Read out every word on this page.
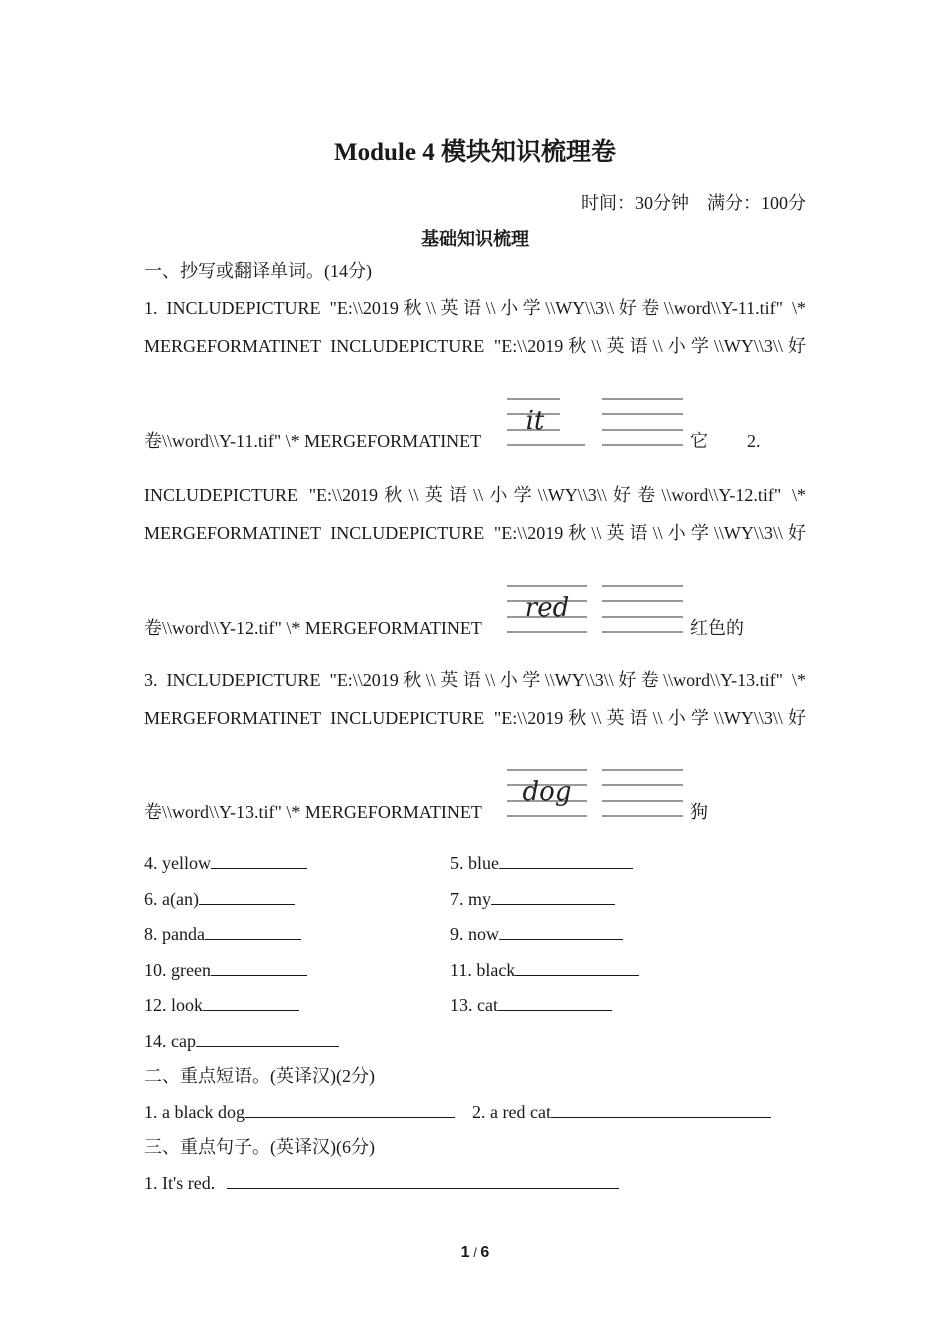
Module 4 模块知识梳理卷
时间：30分钟　满分：100分
基础知识梳理
一、抄写或翻译单词。(14分)
1. INCLUDEPICTURE "E:\\2019秋\\英语\\小学\\WY\\3\\好卷\\word\\Y-11.tif" \*
MERGEFORMATINET INCLUDEPICTURE "E:\\2019秋\\英语\\小学\\WY\\3\\好
卷\\word\\Y-11.tif" \* MERGEFORMATINET
it
它 2.
INCLUDEPICTURE "E:\\2019秋\\英语\\小学\\WY\\3\\好卷\\word\\Y-12.tif" \*
MERGEFORMATINET INCLUDEPICTURE "E:\\2019秋\\英语\\小学\\WY\\3\\好
卷\\word\\Y-12.tif" \* MERGEFORMATINET
red
红色的
3. INCLUDEPICTURE "E:\\2019秋\\英语\\小学\\WY\\3\\好卷\\word\\Y-13.tif" \*
MERGEFORMATINET INCLUDEPICTURE "E:\\2019秋\\英语\\小学\\WY\\3\\好
卷\\word\\Y-13.tif" \* MERGEFORMATINET
dog
狗
4. yellow	5. blue
6. a(an)	7. my
8. panda	9. now
10. green	11. black
12. look	13. cat
14. cap
二、重点短语。(英译汉)(2分)
1. a black dog	2. a red cat
三、重点句子。(英译汉)(6分)
1. It's red.
1 / 6
